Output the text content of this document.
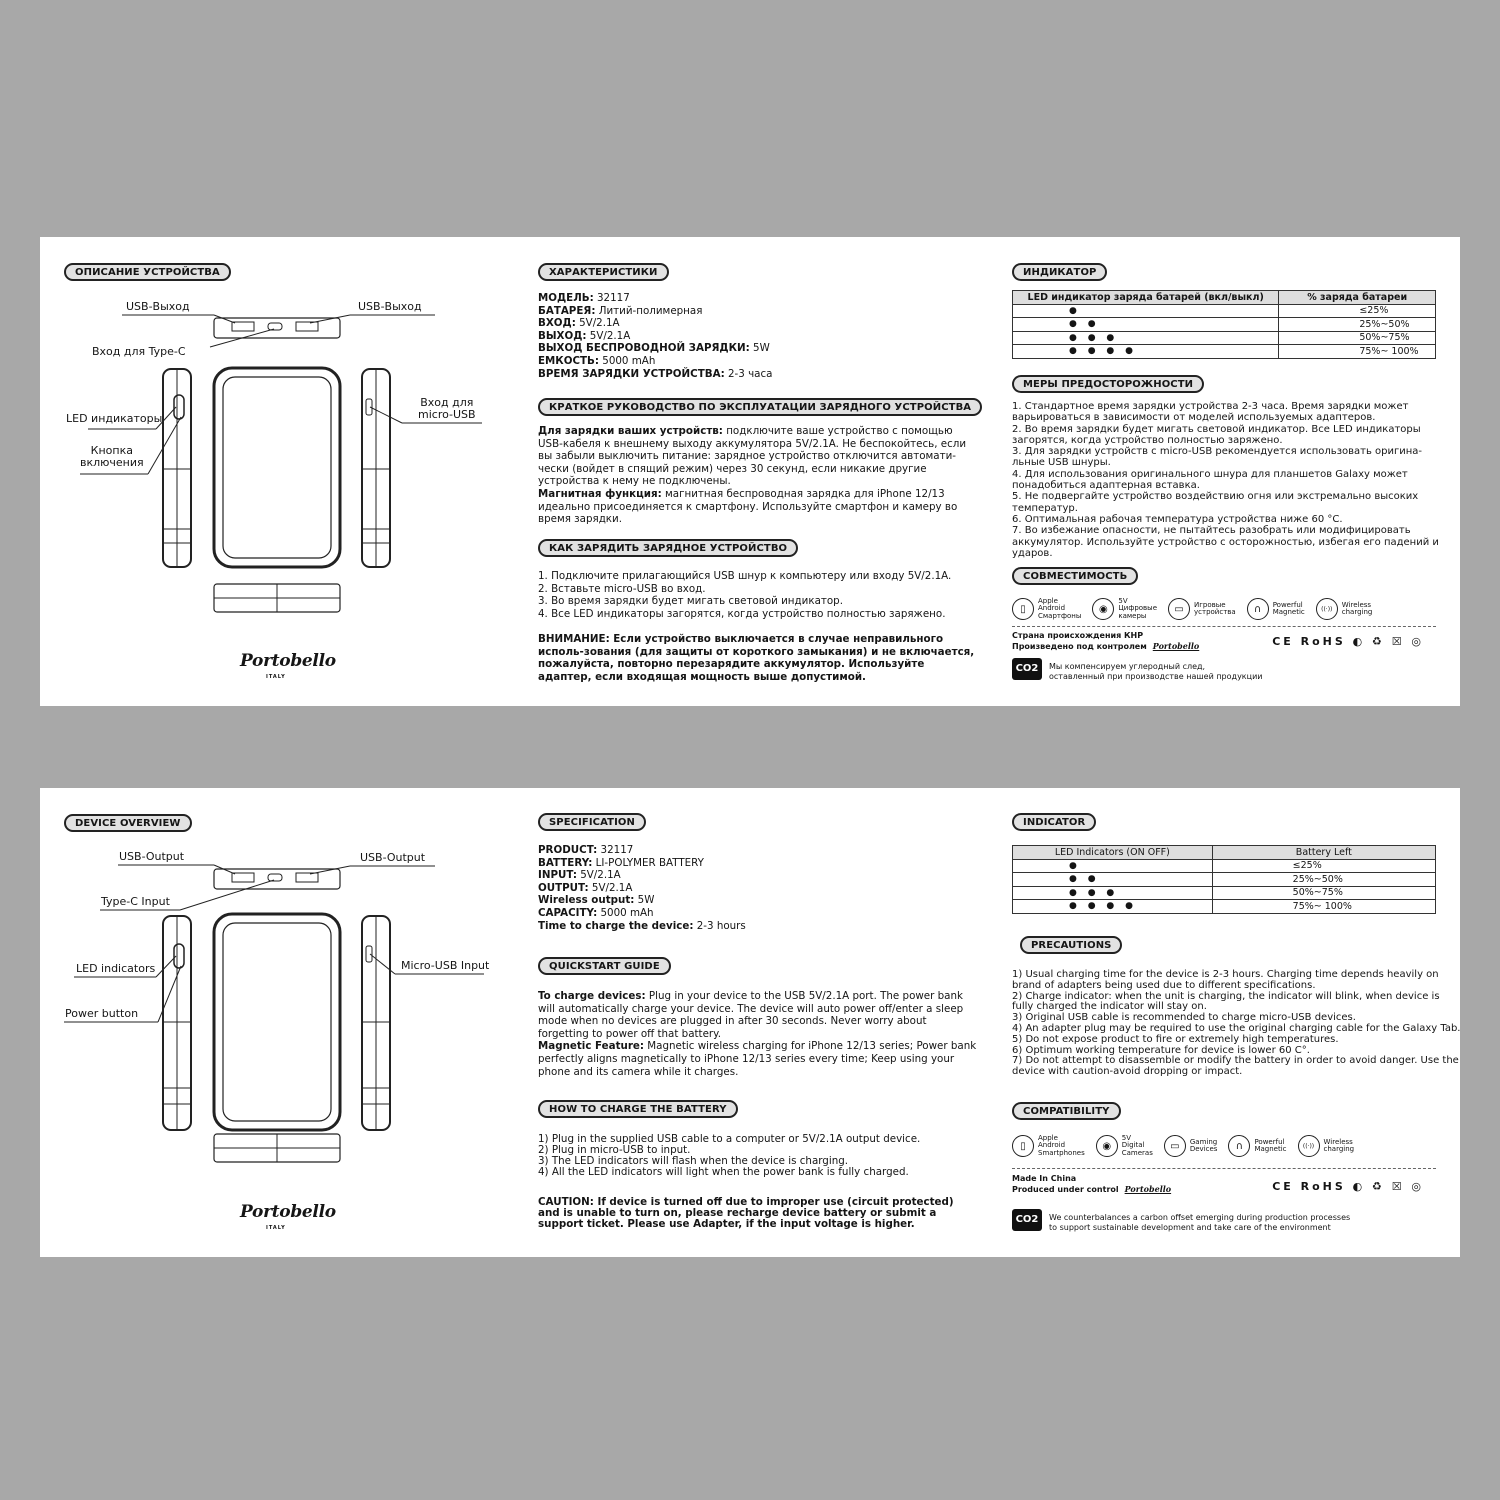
ОПИСАНИЕ УСТРОЙСТВА
USB-Выход	USB-Выход
Вход для Type-C
LED индикаторы
Кнопка
включения
Вход для
micro-USB
Portobello
ITALY
ХАРАКТЕРИСТИКИ
МОДЕЛЬ: 32117
БАТАРЕЯ: Литий-полимерная
ВХОД: 5V/2.1A
ВЫХОД: 5V/2.1A
ВЫХОД БЕСПРОВОДНОЙ ЗАРЯДКИ: 5W
ЕМКОСТЬ: 5000 mAh
ВРЕМЯ ЗАРЯДКИ УСТРОЙСТВА: 2-3 часа
КРАТКОЕ РУКОВОДСТВО ПО ЭКСПЛУАТАЦИИ ЗАРЯДНОГО УСТРОЙСТВА

Для зарядки ваших устройств: подключите ваше устройство с помощью USB-кабеля к внешнему выходу аккумулятора 5V/2.1A. Не беспокойтесь, если вы забыли выключить питание: зарядное устройство отключится автомати-чески (войдет в спящий режим) через 30 секунд, если никакие другие устройства к нему не подключены.

Магнитная функция: магнитная беспроводная зарядка для iPhone 12/13 идеально присоединяется к смартфону. Используйте смартфон и камеру во время зарядки.

КАК ЗАРЯДИТЬ ЗАРЯДНОЕ УСТРОЙСТВО
1. Подключите прилагающийся USB шнур к компьютеру или входу 5V/2.1A.
2. Вставьте micro-USB во вход.
3. Во время зарядки будет мигать световой индикатор.
4. Все LED индикаторы загорятся, когда устройство полностью заряжено.
ВНИМАНИЕ: Если устройство выключается в случае неправильного исполь-зования (для защиты от короткого замыкания) и не включается, пожалуйста, повторно перезарядите аккумулятор. Используйте адаптер, если входящая мощность выше допустимой.
ИНДИКАТОР
LED индикатор заряда батарей (вкл/выкл)	% заряда батареи
●	≤25%
● ●	25%~50%
● ● ●	50%~75%
● ● ● ●	75%~ 100%
МЕРЫ ПРЕДОСТОРОЖНОСТИ
1. Стандартное время зарядки устройства 2-3 часа. Время зарядки может варьироваться в зависимости от моделей используемых адаптеров.
2. Во время зарядки будет мигать световой индикатор. Все LED индикаторы загорятся, когда устройство полностью заряжено.
3. Для зарядки устройств с micro-USB рекомендуется использовать оригина-льные USB шнуры.
4. Для использования оригинального шнура для планшетов Galaxy может понадобиться адаптерная вставка.
5. Не подвергайте устройство воздействию огня или экстремально высоких температур.
6. Оптимальная рабочая температура устройства ниже 60 °С.
7. Во избежание опасности, не пытайтесь разобрать или модифицировать аккумулятор. Используйте устройство с осторожностью, избегая его падений и ударов.
СОВМЕСТИМОСТЬ
▯
Apple
Android
Смартфоны
◉
5V
Цифровые
камеры
▭	Игровые
устройства	∩	Powerful
Magnetic	((·))
Wireless
charging
Страна происхождения КНР
Произведено под контролем Portobello	CE RoHS ◐ ♻ ☒ ◎
CO2	Мы компенсируем углеродный след,
оставленный при производстве нашей продукции
DEVICE OVERVIEW
USB-Output	USB-Output
Type-C Input
LED indicators
Power button
Micro-USB Input
Portobello
ITALY
SPECIFICATION
PRODUCT: 32117
BATTERY: LI-POLYMER BATTERY
INPUT: 5V/2.1A
OUTPUT: 5V/2.1A
Wireless output: 5W
CAPACITY: 5000 mAh
Time to charge the device: 2-3 hours
QUICKSTART GUIDE

To charge devices: Plug in your device to the USB 5V/2.1A port. The power bank will automatically charge your device. The device will auto power off/enter a sleep mode when no devices are plugged in after 30 seconds. Never worry about forgetting to power off that battery.

Magnetic Feature: Magnetic wireless charging for iPhone 12/13 series; Power bank perfectly aligns magnetically to iPhone 12/13 series every time; Keep using your phone and its camera while it charges.

HOW TO CHARGE THE BATTERY
1) Plug in the supplied USB cable to a computer or 5V/2.1A output device.
2) Plug in micro-USB to input.
3) The LED indicators will flash when the device is charging.
4) All the LED indicators will light when the power bank is fully charged.
CAUTION: If device is turned off due to improper use (circuit protected) and is unable to turn on, please recharge device battery or submit a support ticket. Please use Adapter, if the input voltage is higher.
INDICATOR
LED Indicators (ON OFF)	Battery Left
●	≤25%
● ●	25%~50%
● ● ●	50%~75%
● ● ● ●	75%~ 100%
PRECAUTIONS
1) Usual charging time for the device is 2-3 hours. Charging time depends heavily on brand of adapters being used due to different specifications.
2) Charge indicator: when the unit is charging, the indicator will blink, when device is fully charged the indicator will stay on.
3) Original USB cable is recommended to charge micro-USB devices.
4) An adapter plug may be required to use the original charging cable for the Galaxy Tab.
5) Do not expose product to fire or extremely high temperatures.
6) Optimum working temperature for device is lower 60 C°.
7) Do not attempt to disassemble or modify the battery in order to avoid danger. Use the device with caution-avoid dropping or impact.
COMPATIBILITY
▯
Apple
Android
Smartphones
◉
5V
Digital
Cameras
▭	Gaming
Devices	∩	Powerful
Magnetic	((·))
Wireless
charging
Made In China
Produced under control Portobello	CE RoHS ◐ ♻ ☒ ◎
CO2	We counterbalances a carbon offset emerging during production processes
to support sustainable development and take care of the environment
